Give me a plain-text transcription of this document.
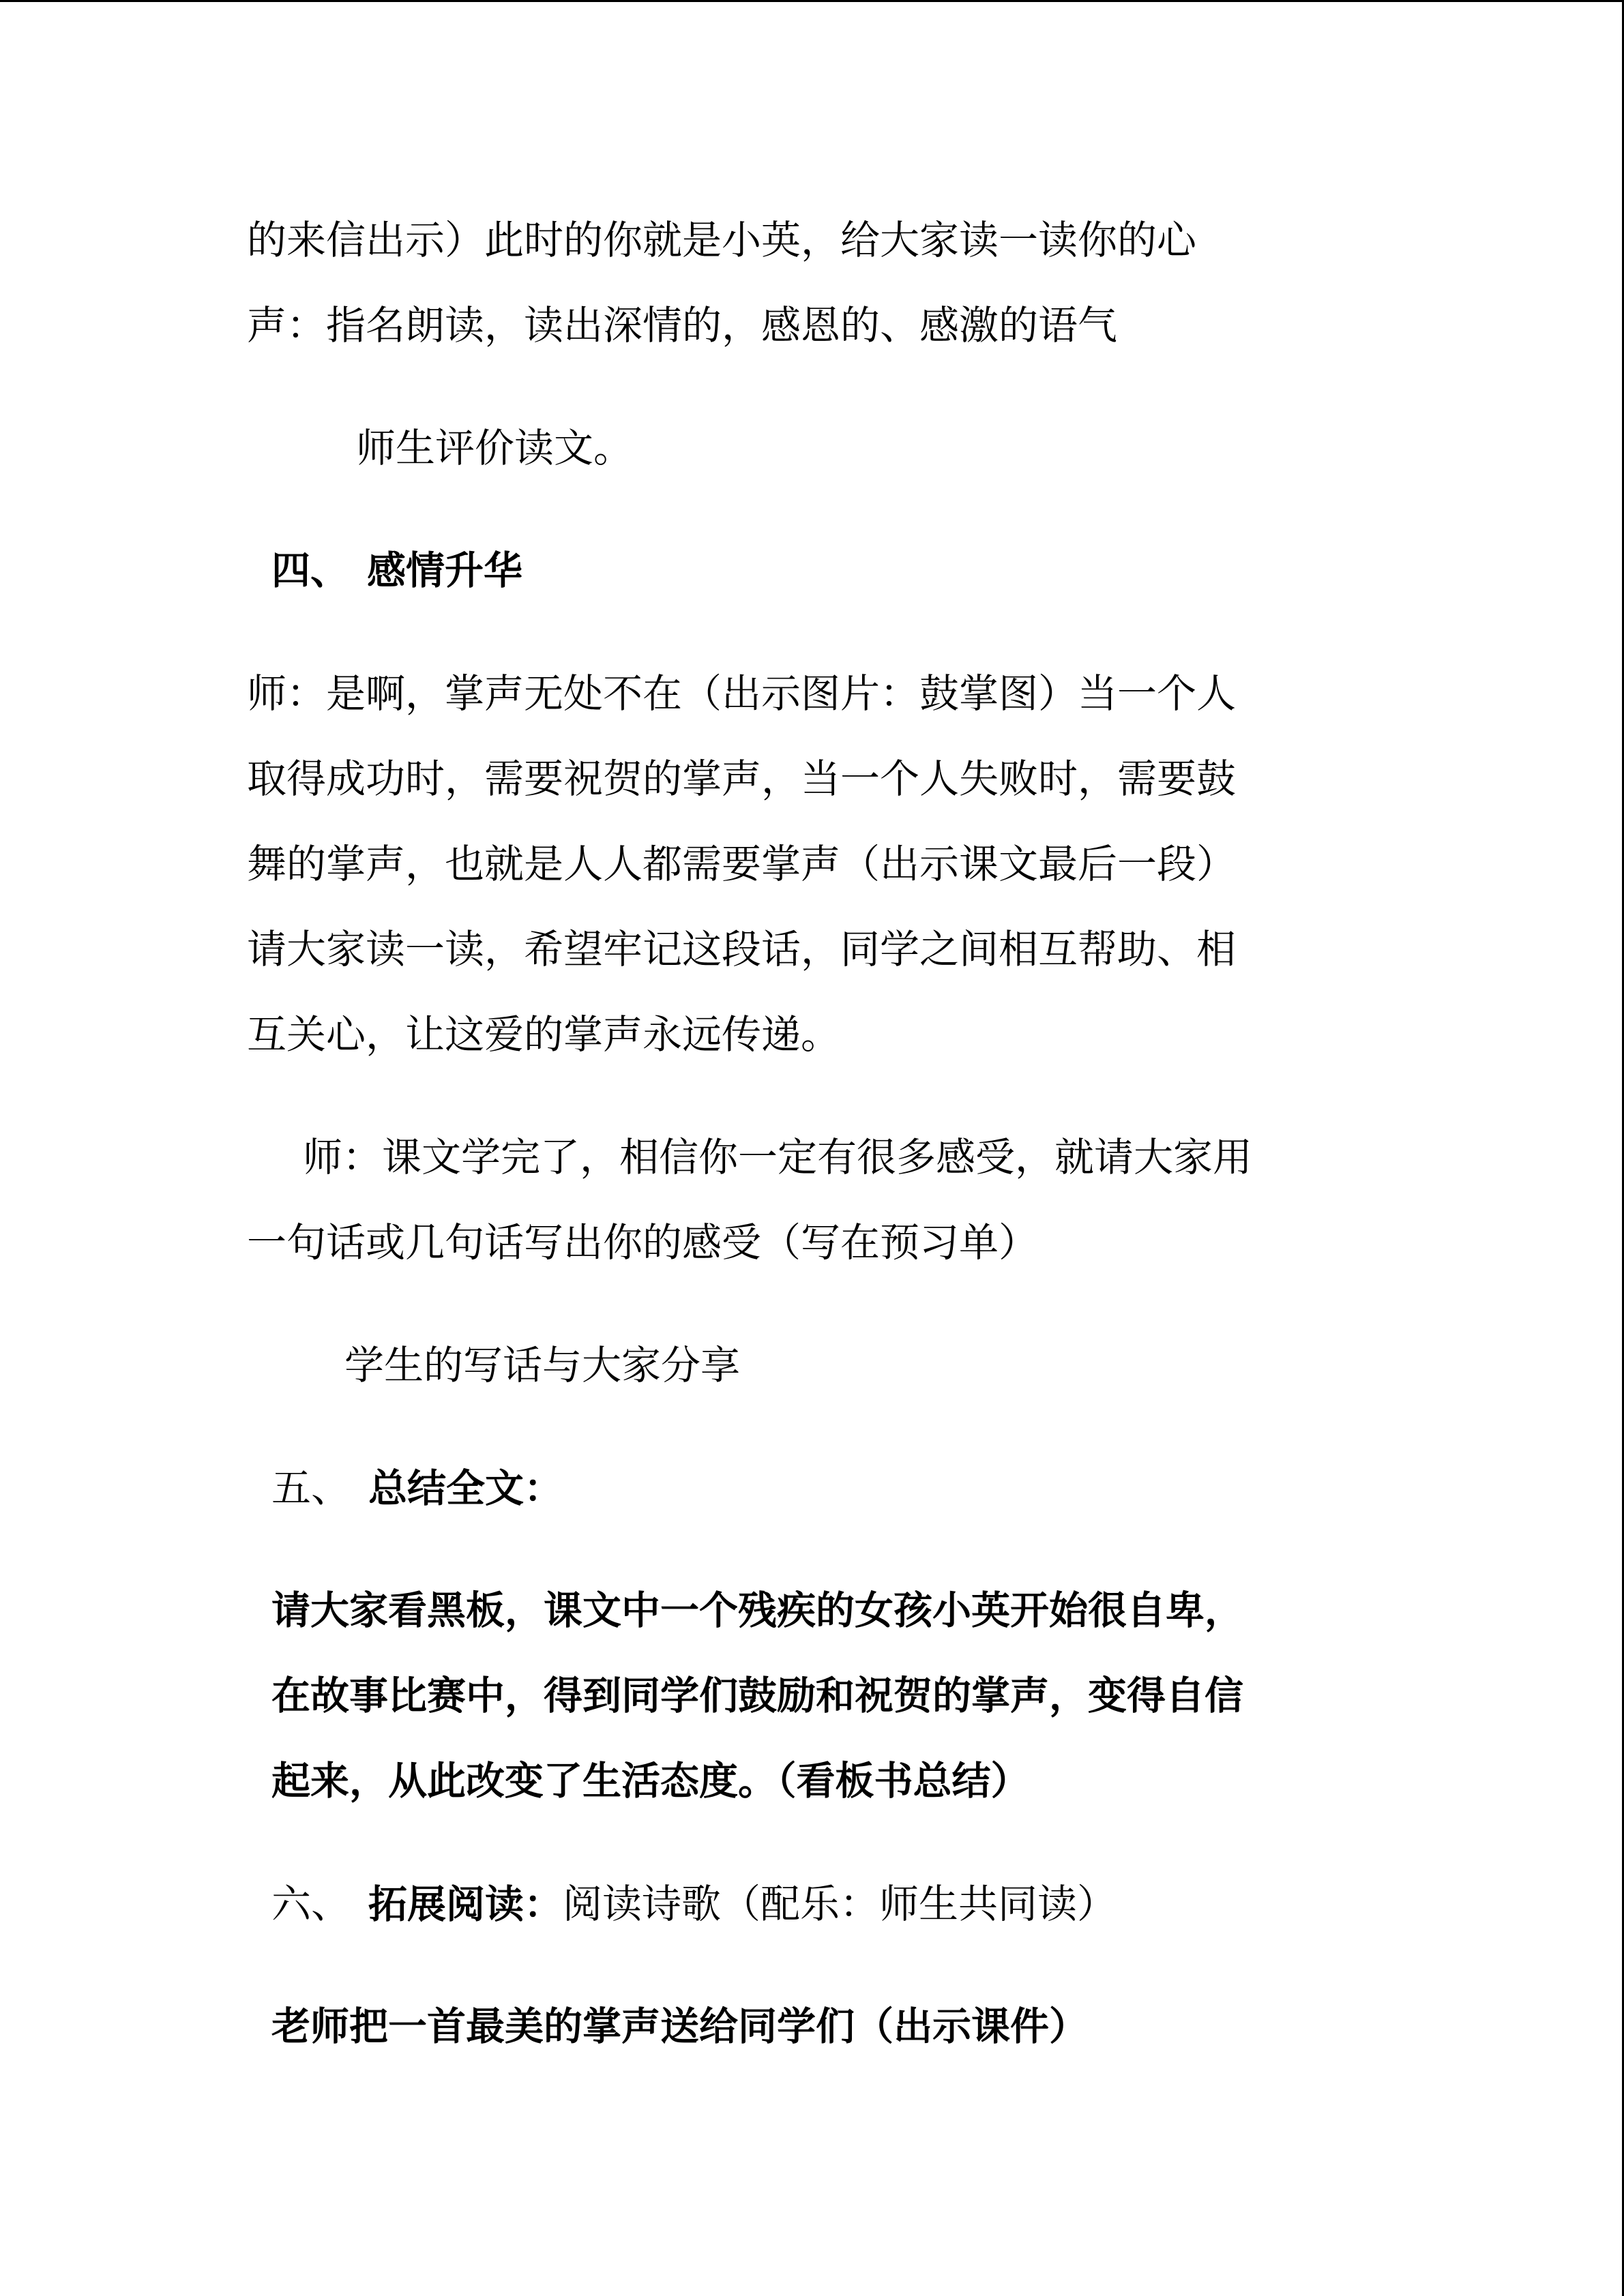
的来信出示）此时的你就是小英，给大家读一读你的心
声：指名朗读，读出深情的，感恩的、感激的语气
师生评价读文。
四、 感情升华
师：是啊，掌声无处不在（出示图片：鼓掌图）当一个人
取得成功时，需要祝贺的掌声，当一个人失败时，需要鼓
舞的掌声，也就是人人都需要掌声（出示课文最后一段）
请大家读一读，希望牢记这段话，同学之间相互帮助、相
互关心，让这爱的掌声永远传递。
师：课文学完了，相信你一定有很多感受，就请大家用
一句话或几句话写出你的感受（写在预习单）
学生的写话与大家分享
五、 总结全文：
请大家看黑板，课文中一个残疾的女孩小英开始很自卑，
在故事比赛中，得到同学们鼓励和祝贺的掌声，变得自信
起来，从此改变了生活态度。（看板书总结）
六、 拓展阅读：阅读诗歌（配乐：师生共同读）
老师把一首最美的掌声送给同学们（出示课件）
